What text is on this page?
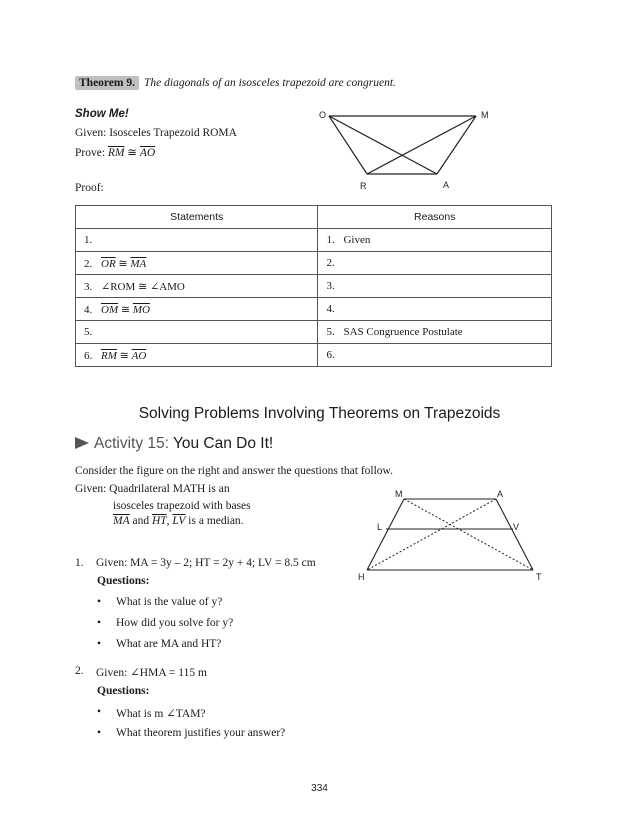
Theorem 9. The diagonals of an isosceles trapezoid are congruent.
Show Me!
Given: Isosceles Trapezoid ROMA
Prove: $\overline{RM}$ ≅ $\overline{AO}$
Proof:
O	M
R	A
Statements	Reasons
1.	1. Given
2. $\overline{OR}$ ≅ $\overline{MA}$	2.
3. ∠ROM ≅ ∠AMO	3.
4. $\overline{OM}$ ≅ $\overline{MO}$	4.
5.	5. SAS Congruence Postulate
6. $\overline{RM}$ ≅ $\overline{AO}$	6.
Solving Problems Involving Theorems on Trapezoids
Activity 15: You Can Do It!
Consider the figure on the right and answer the questions that follow.
Given: Quadrilateral MATH is an
isosceles trapezoid with bases
$\overline{MA}$ and $\overline{HT}$, $\overline{LV}$ is a median.
M	A
L	V
H	T
1. Given: MA = 3y – 2; HT = 2y + 4; LV = 8.5 cm
Questions:
• What is the value of y?
• How did you solve for y?
• What are MA and HT?
2. Given: ∠HMA = 115 m
Questions:
• What is m ∠TAM?
• What theorem justifies your answer?
334
